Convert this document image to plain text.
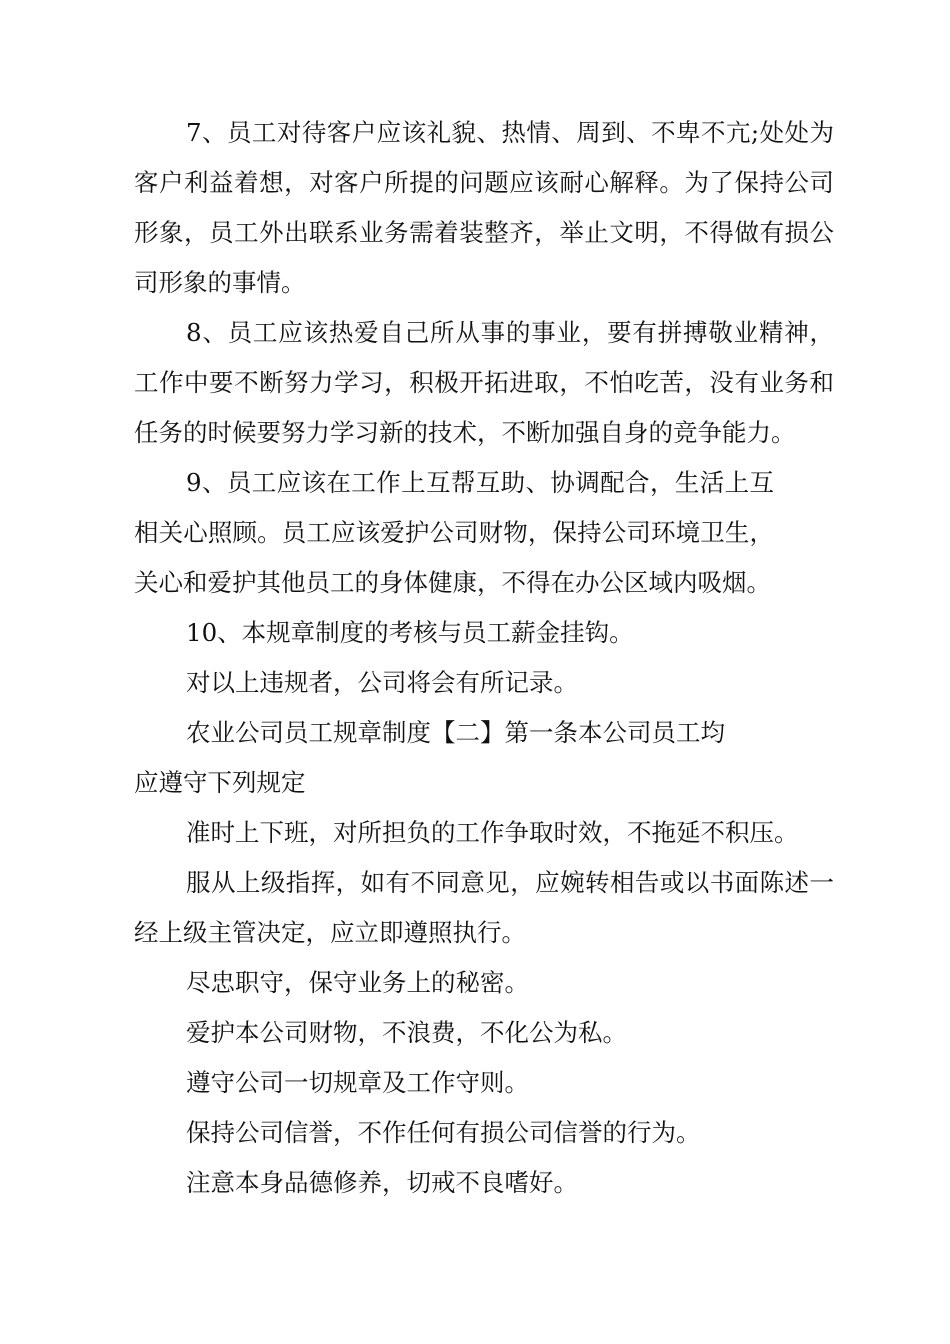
7、员工对待客户应该礼貌、热情、周到、不卑不亢;处处为客户利益着想，对客户所提的问题应该耐心解释。为了保持公司形象，员工外出联系业务需着装整齐，举止文明，不得做有损公司形象的事情。

8、员工应该热爱自己所从事的事业，要有拼搏敬业精神，工作中要不断努力学习，积极开拓进取，不怕吃苦，没有业务和任务的时候要努力学习新的技术，不断加强自身的竞争能力。

9、员工应该在工作上互帮互助、协调配合，生活上互相关心照顾。员工应该爱护公司财物，保持公司环境卫生，关心和爱护其他员工的身体健康，不得在办公区域内吸烟。

10、本规章制度的考核与员工薪金挂钩。

对以上违规者，公司将会有所记录。

农业公司员工规章制度【二】第一条本公司员工均
应遵守下列规定

准时上下班，对所担负的工作争取时效，不拖延不积压。

服从上级指挥，如有不同意见，应婉转相告或以书面陈述一经上级主管决定，应立即遵照执行。

尽忠职守，保守业务上的秘密。

爱护本公司财物，不浪费，不化公为私。

遵守公司一切规章及工作守则。

保持公司信誉，不作任何有损公司信誉的行为。

注意本身品德修养，切戒不良嗜好。
